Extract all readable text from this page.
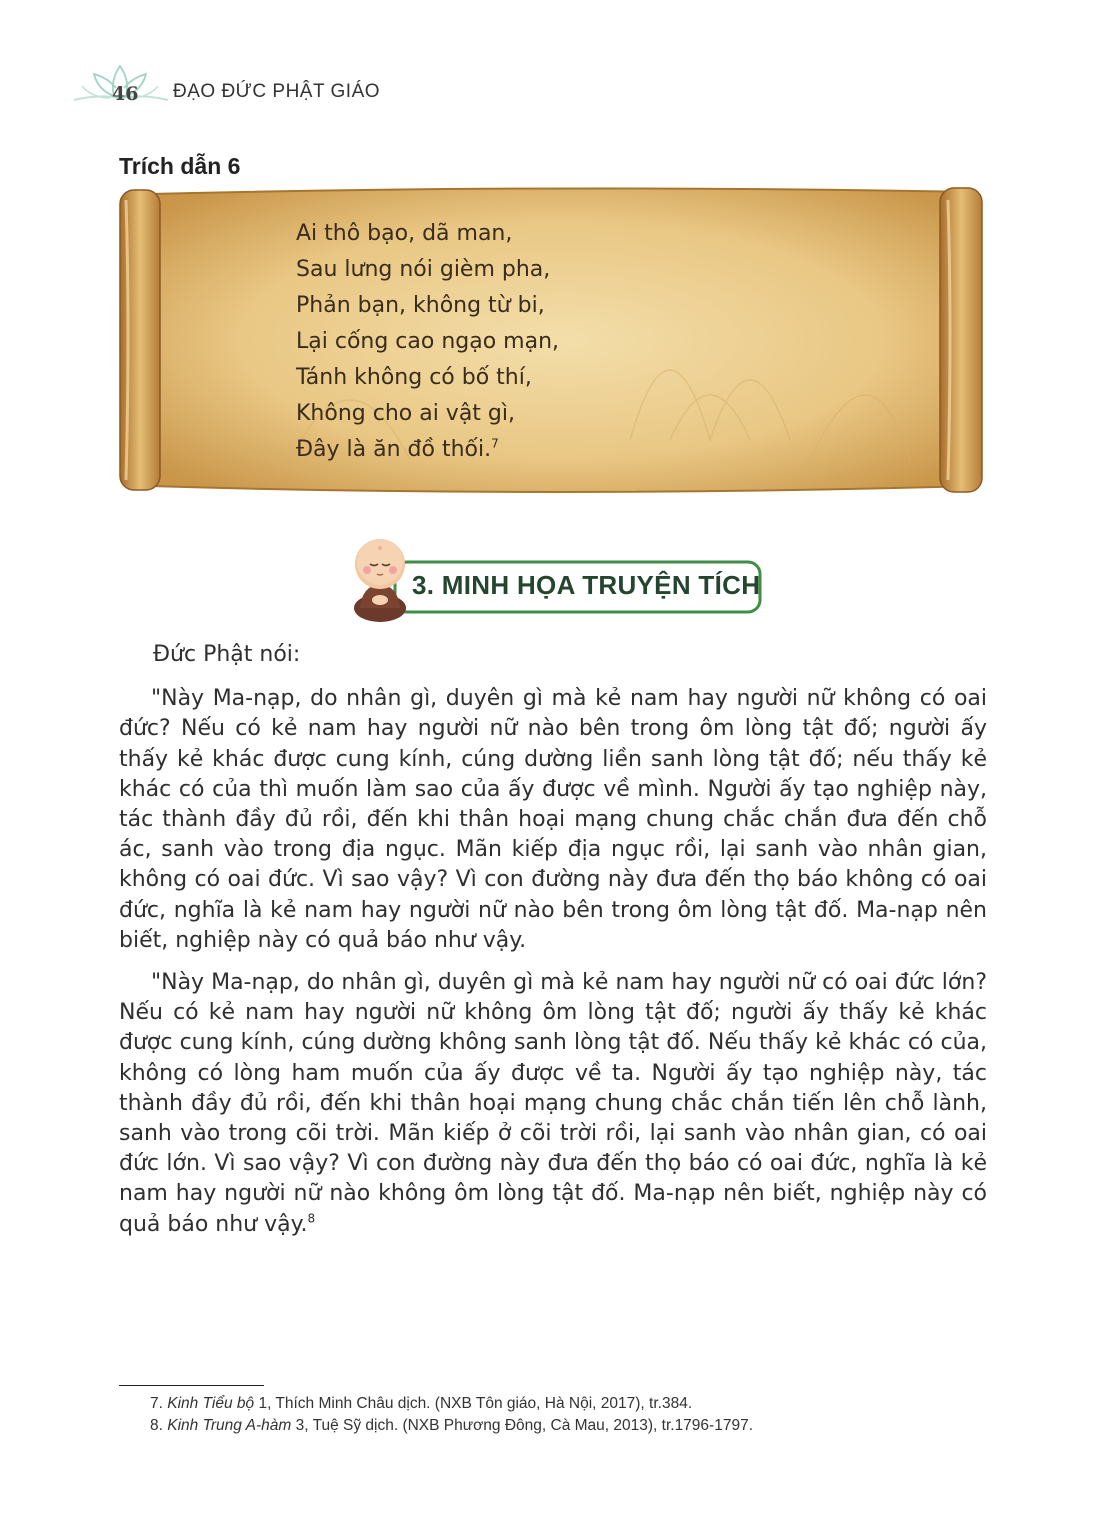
46 ĐẠO ĐỨC PHẬT GIÁO
Trích dẫn 6
Ai thô bạo, dã man,
Sau lưng nói gièm pha,
Phản bạn, không từ bi,
Lại cống cao ngạo mạn,
Tánh không có bố thí,
Không cho ai vật gì,
Đây là ăn đồ thối.$^7$
3. MINH HỌA TRUYỆN TÍCH

Đức Phật nói:

"Này Ma-nạp, do nhân gì, duyên gì mà kẻ nam hay người nữ không có oai đức? Nếu có kẻ nam hay người nữ nào bên trong ôm lòng tật đố; người ấy thấy kẻ khác được cung kính, cúng dường liền sanh lòng tật đố; nếu thấy kẻ khác có của thì muốn làm sao của ấy được về mình. Người ấy tạo nghiệp này, tác thành đầy đủ rồi, đến khi thân hoại mạng chung chắc chắn đưa đến chỗ ác, sanh vào trong địa ngục. Mãn kiếp địa ngục rồi, lại sanh vào nhân gian, không có oai đức. Vì sao vậy? Vì con đường này đưa đến thọ báo không có oai đức, nghĩa là kẻ nam hay người nữ nào bên trong ôm lòng tật đố. Ma-nạp nên biết, nghiệp này có quả báo như vậy.

"Này Ma-nạp, do nhân gì, duyên gì mà kẻ nam hay người nữ có oai đức lớn? Nếu có kẻ nam hay người nữ không ôm lòng tật đố; người ấy thấy kẻ khác được cung kính, cúng dường không sanh lòng tật đố. Nếu thấy kẻ khác có của, không có lòng ham muốn của ấy được về ta. Người ấy tạo nghiệp này, tác thành đầy đủ rồi, đến khi thân hoại mạng chung chắc chắn tiến lên chỗ lành, sanh vào trong cõi trời. Mãn kiếp ở cõi trời rồi, lại sanh vào nhân gian, có oai đức lớn. Vì sao vậy? Vì con đường này đưa đến thọ báo có oai đức, nghĩa là kẻ nam hay người nữ nào không ôm lòng tật đố. Ma-nạp nên biết, nghiệp này có quả báo như vậy.$^8$

7. Kinh Tiểu bộ 1, Thích Minh Châu dịch. (NXB Tôn giáo, Hà Nội, 2017), tr.384.
8. Kinh Trung A-hàm 3, Tuệ Sỹ dịch. (NXB Phương Đông, Cà Mau, 2013), tr.1796-1797.
